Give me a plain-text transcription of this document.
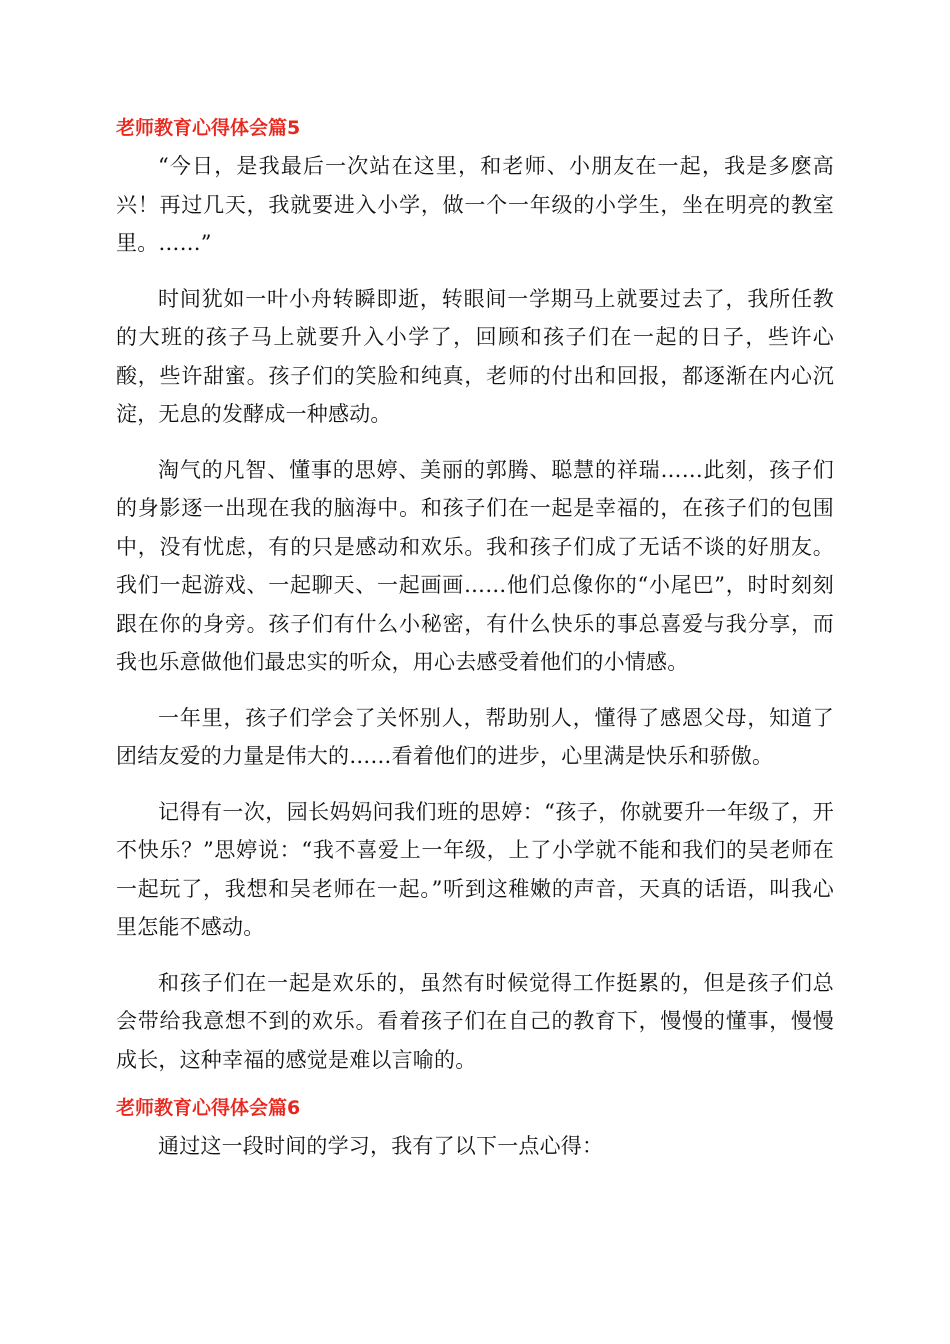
老师教育心得体会篇5

“今日，是我最后一次站在这里，和老师、小朋友在一起，我是多麽高兴！再过几天，我就要进入小学，做一个一年级的小学生，坐在明亮的教室里。……”

时间犹如一叶小舟转瞬即逝，转眼间一学期马上就要过去了，我所任教的大班的孩子马上就要升入小学了，回顾和孩子们在一起的日子，些许心酸，些许甜蜜。孩子们的笑脸和纯真，老师的付出和回报，都逐渐在内心沉淀，无息的发酵成一种感动。

淘气的凡智、懂事的思婷、美丽的郭腾、聪慧的祥瑞……此刻，孩子们的身影逐一出现在我的脑海中。和孩子们在一起是幸福的，在孩子们的包围中，没有忧虑，有的只是感动和欢乐。我和孩子们成了无话不谈的好朋友。我们一起游戏、一起聊天、一起画画……他们总像你的“小尾巴”，时时刻刻跟在你的身旁。孩子们有什么小秘密，有什么快乐的事总喜爱与我分享，而我也乐意做他们最忠实的听众，用心去感受着他们的小情感。

一年里，孩子们学会了关怀别人，帮助别人，懂得了感恩父母，知道了团结友爱的力量是伟大的……看着他们的进步，心里满是快乐和骄傲。

记得有一次，园长妈妈问我们班的思婷：“孩子，你就要升一年级了，开不快乐？”思婷说：“我不喜爱上一年级，上了小学就不能和我们的吴老师在一起玩了，我想和吴老师在一起。”听到这稚嫩的声音，天真的话语，叫我心里怎能不感动。

和孩子们在一起是欢乐的，虽然有时候觉得工作挺累的，但是孩子们总会带给我意想不到的欢乐。看着孩子们在自己的教育下，慢慢的懂事，慢慢成长，这种幸福的感觉是难以言喻的。

老师教育心得体会篇6

通过这一段时间的学习，我有了以下一点心得：
